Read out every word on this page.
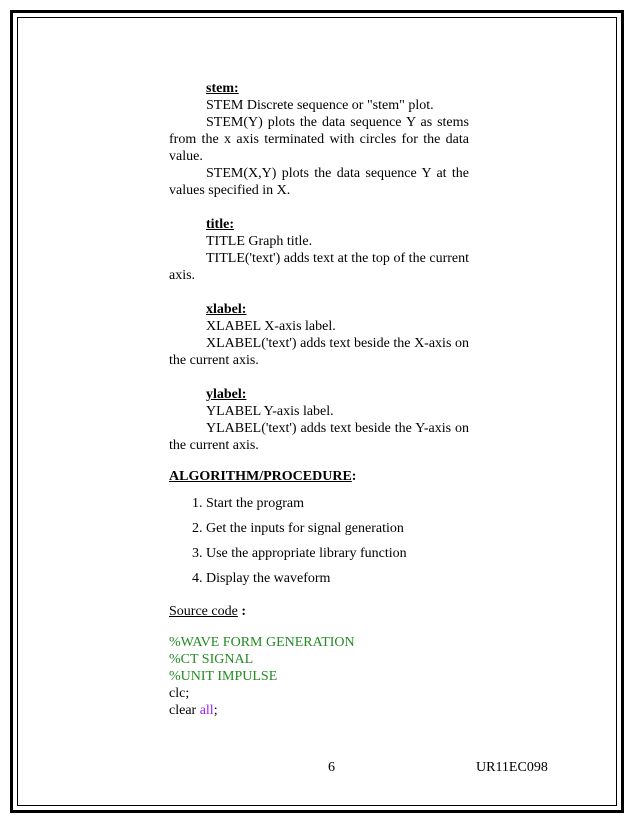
stem:

STEM Discrete sequence or "stem" plot.

STEM(Y) plots the data sequence Y as stems from the x axis terminated with circles for the data value.

STEM(X,Y) plots the data sequence Y at the values specified in X.

title:

TITLE Graph title.

TITLE('text') adds text at the top of the current axis.

xlabel:

XLABEL X-axis label.

XLABEL('text') adds text beside the X-axis on the current axis.

ylabel:

YLABEL Y-axis label.

YLABEL('text') adds text beside the Y-axis on the current axis.

ALGORITHM/PROCEDURE:
1. Start the program
2. Get the inputs for signal generation
3. Use the appropriate library function
4. Display the waveform
Source code :
%WAVE FORM GENERATION
%CT SIGNAL
%UNIT IMPULSE
clc;
clear all;
6	UR11EC098
